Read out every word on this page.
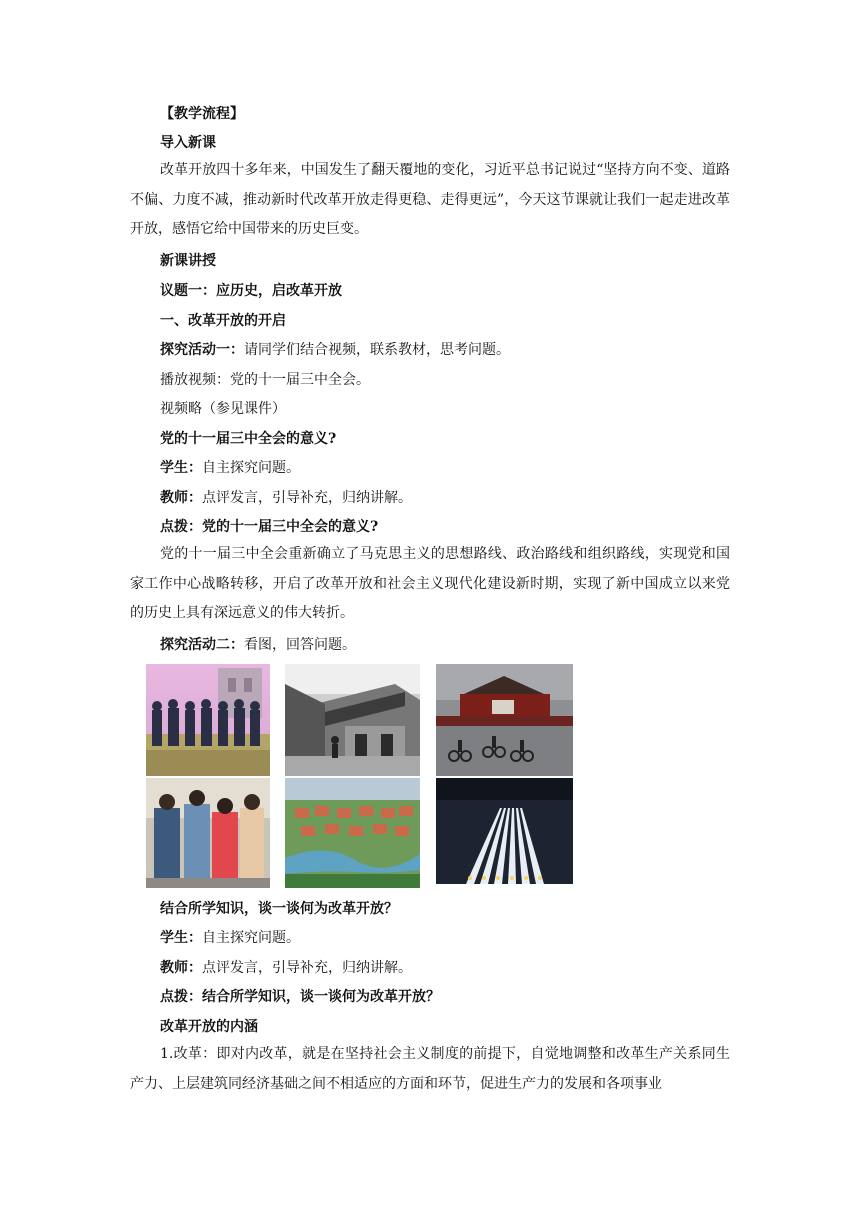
【教学流程】
导入新课
改革开放四十多年来，中国发生了翻天覆地的变化，习近平总书记说过“坚持方向不变、道路不偏、力度不减，推动新时代改革开放走得更稳、走得更远”，今天这节课就让我们一起走进改革开放，感悟它给中国带来的历史巨变。
新课讲授
议题一：应历史，启改革开放
一、改革开放的开启
探究活动一：请同学们结合视频，联系教材，思考问题。
播放视频：党的十一届三中全会。
视频略（参见课件）
党的十一届三中全会的意义?
学生：自主探究问题。
教师：点评发言，引导补充，归纳讲解。
点拨：党的十一届三中全会的意义?
党的十一届三中全会重新确立了马克思主义的思想路线、政治路线和组织路线，实现党和国家工作中心战略转移，开启了改革开放和社会主义现代化建设新时期，实现了新中国成立以来党的历史上具有深远意义的伟大转折。
探究活动二：看图，回答问题。
结合所学知识，谈一谈何为改革开放？
学生：自主探究问题。
教师：点评发言，引导补充，归纳讲解。
点拨：结合所学知识，谈一谈何为改革开放？
改革开放的内涵
1.改革：即对内改革，就是在坚持社会主义制度的前提下，自觉地调整和改革生产关系同生产力、上层建筑同经济基础之间不相适应的方面和环节，促进生产力的发展和各项事业
